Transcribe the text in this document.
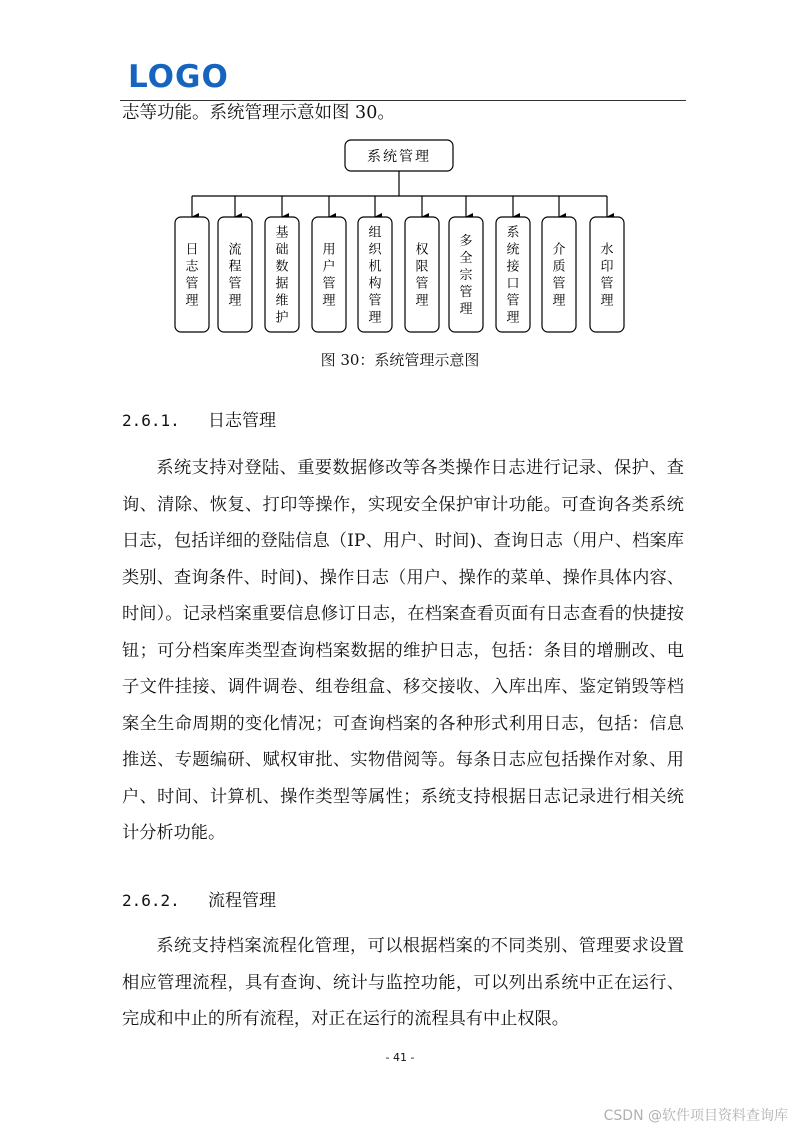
LOGO
志等功能。系统管理示意如图 30。
系统管理
日志管理
流程管理
基础数据维护
用户管理
组织机构管理
权限管理
多全宗管理
系统接口管理
介质管理
水印管理
图 30：系统管理示意图
2.6.1. 日志管理
系统支持对登陆、重要数据修改等各类操作日志进行记录、保护、查询、清除、恢复、打印等操作，实现安全保护审计功能。可查询各类系统日志，包括详细的登陆信息（IP、用户、时间)、查询日志（用户、档案库类别、查询条件、时间)、操作日志（用户、操作的菜单、操作具体内容、时间）。记录档案重要信息修订日志，在档案查看页面有日志查看的快捷按钮；可分档案库类型查询档案数据的维护日志，包括：条目的增删改、电子文件挂接、调件调卷、组卷组盒、移交接收、入库出库、鉴定销毁等档案全生命周期的变化情况；可查询档案的各种形式利用日志，包括：信息推送、专题编研、赋权审批、实物借阅等。每条日志应包括操作对象、用户、时间、计算机、操作类型等属性；系统支持根据日志记录进行相关统计分析功能。
2.6.2. 流程管理
系统支持档案流程化管理，可以根据档案的不同类别、管理要求设置相应管理流程，具有查询、统计与监控功能，可以列出系统中正在运行、完成和中止的所有流程，对正在运行的流程具有中止权限。
- 41 -
CSDN @软件项目资料查询库
